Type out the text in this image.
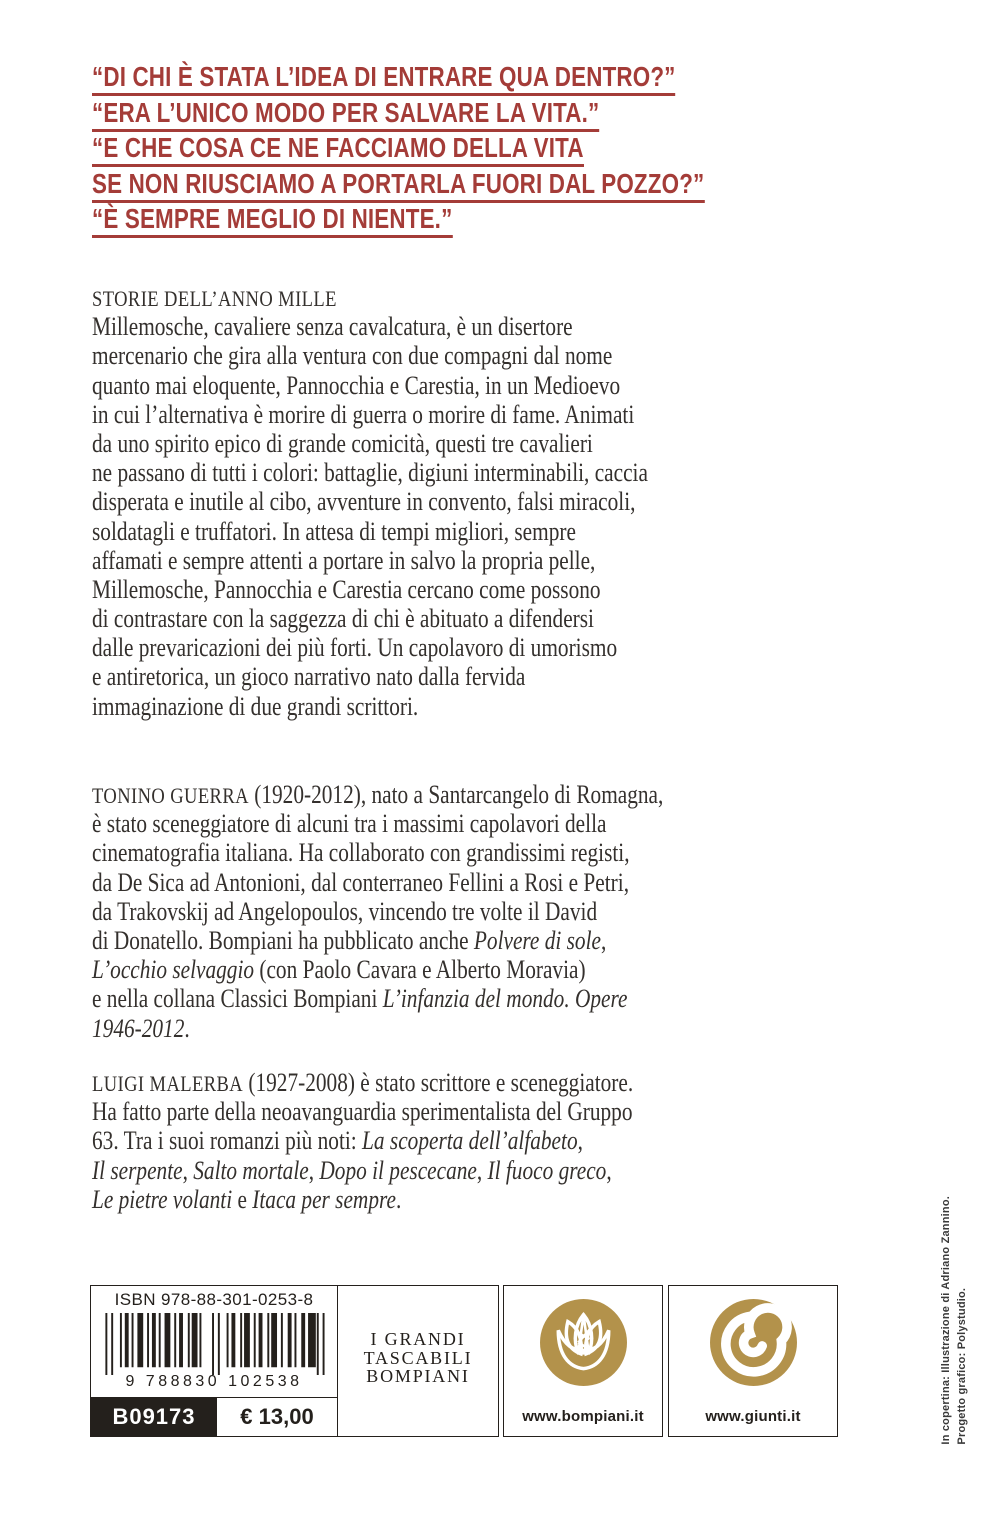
“DI CHI È STATA L’IDEA DI ENTRARE QUA DENTRO?”
“ERA L’UNICO MODO PER SALVARE LA VITA.”
“E CHE COSA CE NE FACCIAMO DELLA VITA
SE NON RIUSCIAMO A PORTARLA FUORI DAL POZZO?”
“È SEMPRE MEGLIO DI NIENTE.”
STORIE DELL’ANNO MILLE
Millemosche, cavaliere senza cavalcatura, è un disertore
mercenario che gira alla ventura con due compagni dal nome
quanto mai eloquente, Pannocchia e Carestia, in un Medioevo
in cui l’alternativa è morire di guerra o morire di fame. Animati
da uno spirito epico di grande comicità, questi tre cavalieri
ne passano di tutti i colori: battaglie, digiuni interminabili, caccia
disperata e inutile al cibo, avventure in convento, falsi miracoli,
soldatagli e truffatori. In attesa di tempi migliori, sempre
affamati e sempre attenti a portare in salvo la propria pelle,
Millemosche, Pannocchia e Carestia cercano come possono
di contrastare con la saggezza di chi è abituato a difendersi
dalle prevaricazioni dei più forti. Un capolavoro di umorismo
e antiretorica, un gioco narrativo nato dalla fervida
immaginazione di due grandi scrittori.
TONINO GUERRA (1920-2012), nato a Santarcangelo di Romagna,
è stato sceneggiatore di alcuni tra i massimi capolavori della
cinematografia italiana. Ha collaborato con grandissimi registi,
da De Sica ad Antonioni, dal conterraneo Fellini a Rosi e Petri,
da Trakovskij ad Angelopoulos, vincendo tre volte il David
di Donatello. Bompiani ha pubblicato anche Polvere di sole,
L’occhio selvaggio (con Paolo Cavara e Alberto Moravia)
e nella collana Classici Bompiani L’infanzia del mondo. Opere
1946-2012.
LUIGI MALERBA (1927-2008) è stato scrittore e sceneggiatore.
Ha fatto parte della neoavanguardia sperimentalista del Gruppo
63. Tra i suoi romanzi più noti: La scoperta dell’alfabeto,
Il serpente, Salto mortale, Dopo il pescecane, Il fuoco greco,
Le pietre volanti e Itaca per sempre.
ISBN 978-88-301-0253-8
9 788830 102538
B09173	€ 13,00
I GRANDI
TASCABILI
BOMPIANI
www.bompiani.it	www.giunti.it	In copertina: Illustrazione di Adriano Zannino. Progetto grafico: Polystudio.
